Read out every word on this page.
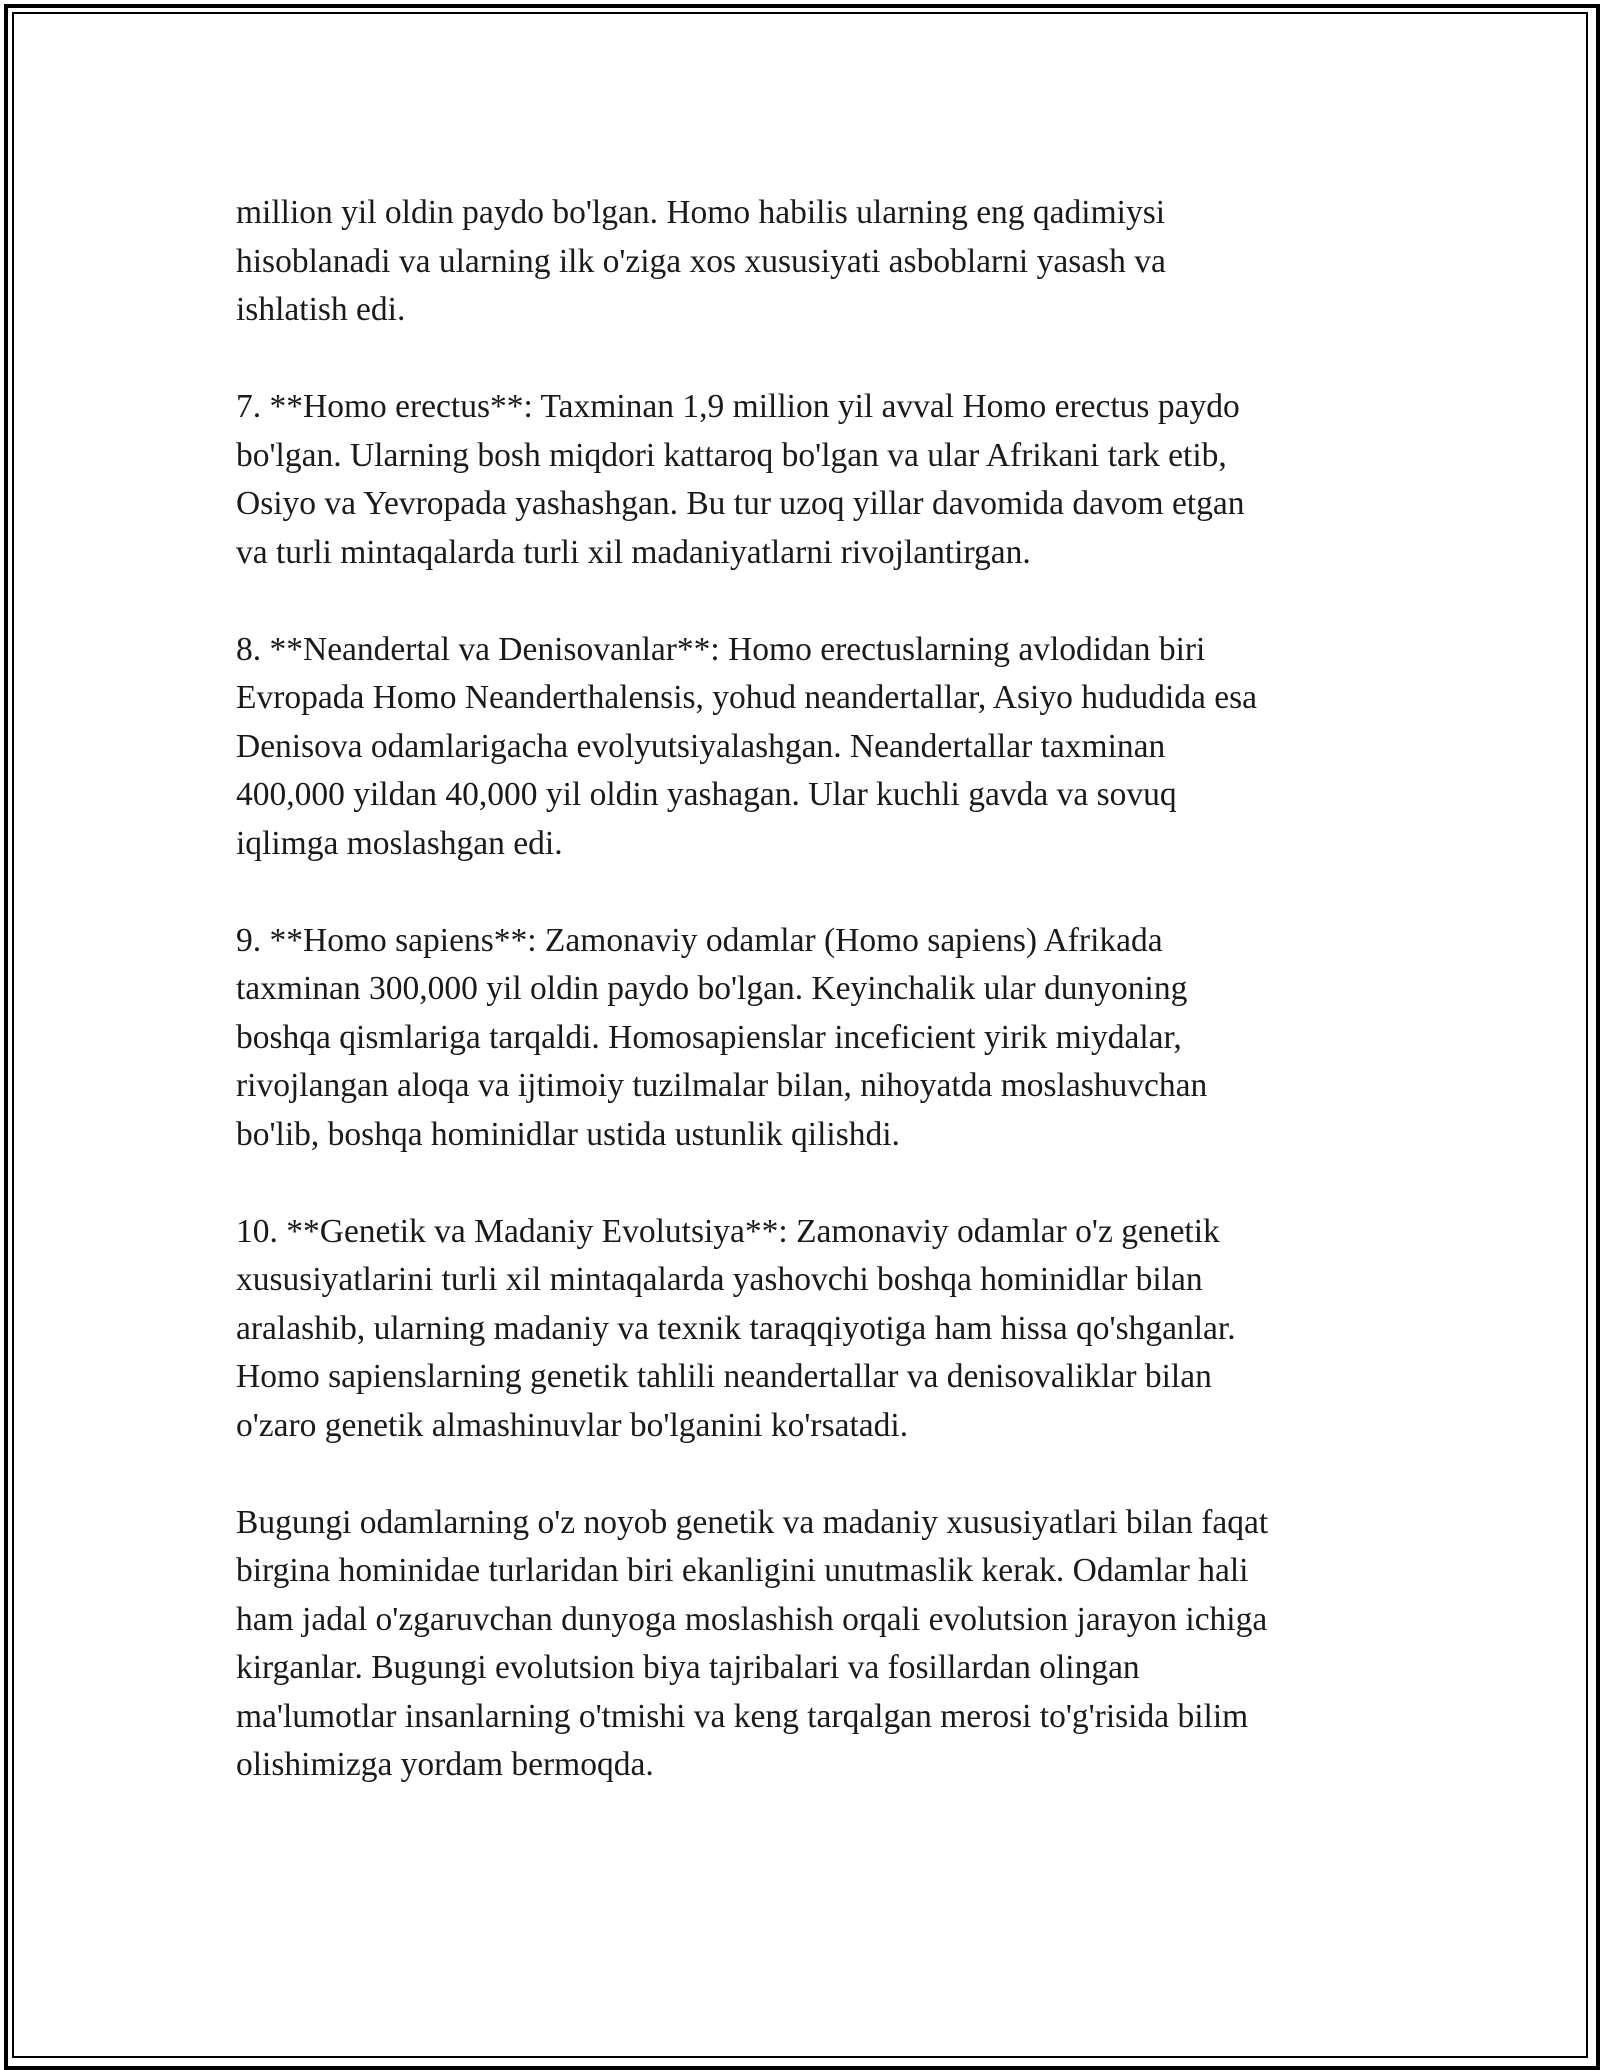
million yil oldin paydo bo'lgan. Homo habilis ularning eng qadimiysi
hisoblanadi va ularning ilk o'ziga xos xususiyati asboblarni yasash va
ishlatish edi.

7. **Homo erectus**: Taxminan 1,9 million yil avval Homo erectus paydo
bo'lgan. Ularning bosh miqdori kattaroq bo'lgan va ular Afrikani tark etib,
Osiyo va Yevropada yashashgan. Bu tur uzoq yillar davomida davom etgan
va turli mintaqalarda turli xil madaniyatlarni rivojlantirgan.

8. **Neandertal va Denisovanlar**: Homo erectuslarning avlodidan biri
Evropada Homo Neanderthalensis, yohud neandertallar, Asiyo hududida esa
Denisova odamlarigacha evolyutsiyalashgan. Neandertallar taxminan
400,000 yildan 40,000 yil oldin yashagan. Ular kuchli gavda va sovuq
iqlimga moslashgan edi.

9. **Homo sapiens**: Zamonaviy odamlar (Homo sapiens) Afrikada
taxminan 300,000 yil oldin paydo bo'lgan. Keyinchalik ular dunyoning
boshqa qismlariga tarqaldi. Homosapienslar inceficient yirik miydalar,
rivojlangan aloqa va ijtimoiy tuzilmalar bilan, nihoyatda moslashuvchan
bo'lib, boshqa hominidlar ustida ustunlik qilishdi.

10. **Genetik va Madaniy Evolutsiya**: Zamonaviy odamlar o'z genetik
xususiyatlarini turli xil mintaqalarda yashovchi boshqa hominidlar bilan
aralashib, ularning madaniy va texnik taraqqiyotiga ham hissa qo'shganlar.
Homo sapienslarning genetik tahlili neandertallar va denisovaliklar bilan
o'zaro genetik almashinuvlar bo'lganini ko'rsatadi.

Bugungi odamlarning o'z noyob genetik va madaniy xususiyatlari bilan faqat
birgina hominidae turlaridan biri ekanligini unutmaslik kerak. Odamlar hali
ham jadal o'zgaruvchan dunyoga moslashish orqali evolutsion jarayon ichiga
kirganlar. Bugungi evolutsion biya tajribalari va fosillardan olingan
ma'lumotlar insanlarning o'tmishi va keng tarqalgan merosi to'g'risida bilim
olishimizga yordam bermoqda.
